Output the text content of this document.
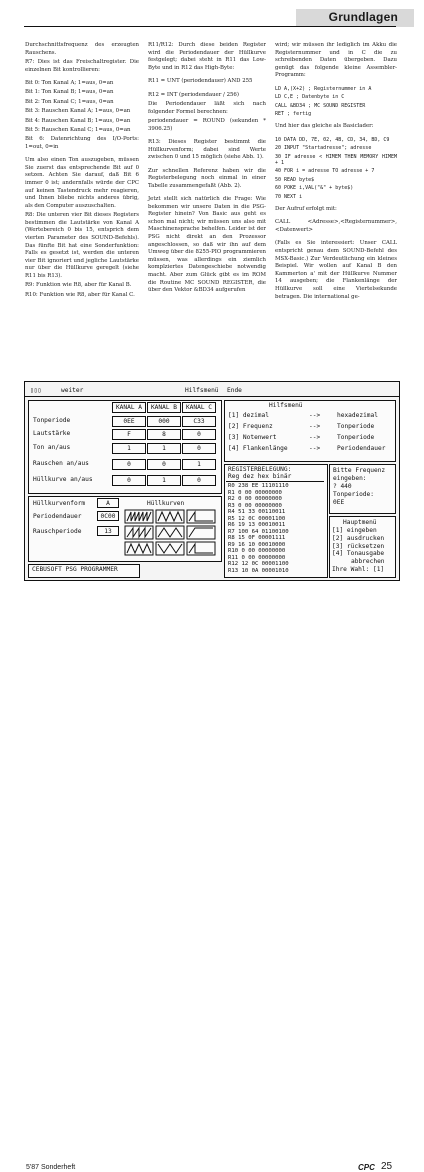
Grundlagen

Durchschnittsfrequenz des erzeugten Rauschens.

R7: Dies ist das Freischaltregister. Die einzelnen Bit kontrollieren:

Bit 0: Ton Kanal A; 1=aus, 0=an

Bit 1: Ton Kanal B; 1=aus, 0=an

Bit 2: Ton Kanal C; 1=aus, 0=an

Bit 3: Rauschen Kanal A; 1=aus, 0=an

Bit 4: Rauschen Kanal B; 1=aus, 0=an

Bit 5: Rauschen Kanal C; 1=aus, 0=an

Bit 6: Datenrichtung des I/O-Ports: 1=out, 0=in

Um also einen Ton auszugeben, müssen Sie zuerst das entsprechende Bit auf 0 setzen. Achten Sie darauf, daß Bit 6 immer 0 ist; andernfalls würde der CPC auf keinen Tastendruck mehr reagieren, und Ihnen bliebe nichts anderes übrig, als den Computer auszuschalten.

R8: Die unteren vier Bit dieses Registers bestimmen die Lautstärke von Kanal A (Wertebereich 0 bis 15, entsprich dem vierten Parameter des SOUND-Befehls). Das fünfte Bit hat eine Sonderfunktion: Falls es gesetzt ist, werden die unteren vier Bit ignoriert und jegliche Lautstärke nur über die Hüllkurve geregelt (siehe R11 bis R13).

R9: Funktion wie R8, aber für Kanal B.

R10: Funktion wie R8, aber für Kanal C.

R11/R12: Durch diese beiden Register wird die Periodendauer der Hüllkurve festgelegt; dabei steht in R11 das Low-Byte und in R12 das High-Byte:

R11 = UNT (periodendauer) AND 255

R12 = INT (periodendauer / 256)

Die Periodendauer läßt sich nach folgender Formel berechnen:

periodendauer = ROUND (sekunden * 3906.25)

R13: Dieses Register bestimmt die Hüllkurvenform; dabei sind Werte zwischen 0 und 15 möglich (siehe Abb. 1).

Zur schnellen Referenz haben wir die Registerbelegung noch einmal in einer Tabelle zusammengefaßt (Abb. 2).

Jetzt stellt sich natürlich die Frage: Wie bekommen wir unsere Daten in die PSG-Register hinein? Von Basic aus geht es schon mal nicht; wir müssen uns also mit Maschinensprache behelfen. Leider ist der PSG nicht direkt an den Prozessor angeschlossen, so daß wir ihn auf dem Umweg über die 8255-PIO programmieren müssen, was allerdings ein ziemlich komplziertes Datengeschiebe notwendig macht. Aber zum Glück gibt es im ROM die Routine MC SOUND REGISTER, die über den Vektor &BD34 aufgerufen

wird; wir müssen ihr lediglich im Akku die Registernummer und in C die zu schreibenden Daten übergeben. Dazu genügt das folgende kleine Assembler-Programm:

LD A,(X+2) ; Registernummer in A

LD C,E ; Datenbyte in C

CALL &BD34 ; MC SOUND REGISTER

RET ; fertig

Und hier das gleiche als Basiclader:

10 DATA DD, 7E, 02, 4B, CD, 34, BD, C9

20 INPUT "Startadresse"; adresse

30 IF adresse < HIMEM THEN MEMORY HIMEM + 1

40 FOR i = adresse TO adresse + 7

50 READ byte$

60 POKE i,VAL("&" + byte$)

70 NEXT i

Der Aufruf erfolgt mit:

CALL <Adresse>,<Registernummer>,<Datenwert>

(Falls es Sie interessiert: Unser CALL entspricht genau dem SOUND-Befehl des MSX-Basic.) Zur Verdeutlichung ein kleines Beispiel. Wir wollen auf Kanal B den Kammerton a' mit der Hüllkurve Nummer 14 ausgeben; die Flankenlänge der Hüllkurve soll eine Viertelsekunde betragen. Die international ge-

▯▯▯	weiter	Hilfsmenü Ende
KANAL A	KANAL B	KANAL C
Tonperiode	0EE	000	C33
Lautstärke	F	8	0
Ton an/aus	1	1	0
Rauschen an/aus	0	0	1
Hüllkurve an/aus	0	1	0
Hüllkurvenform	A
Periodendauer	0C00
Rauschperiode	13
Hüllkurven
CEBUSOFT PSG PROGRAMMER
Hilfsmenü
[1] dezimal	-->	hexadezimal
[2] Frequenz	-->	Tonperiode
[3] Notenwert	-->	Tonperiode
[4] Flankenlänge	-->	Periodendauer
REGISTERBELEGUNG:
Reg dez hex binär
R0 238 EE 11101110
R1 0 00 00000000
R2 0 00 00000000
R3 0 00 00000000
R4 51 33 00110011
R5 12 0C 00001100
R6 19 13 00010011
R7 100 64 01100100
R8 15 0F 00001111
R9 16 10 00010000
R10 0 00 00000000
R11 0 00 00000000
R12 12 0C 00001100
R13 10 0A 00001010
Bitte Frequenz
eingeben:
? 440
Tonperiode:
0EE
Hauptmenü
[1] eingeben
[2] ausdrucken
[3] rücksetzen
[4] Tonausgabe
abbrechen
Ihre Wahl: [1]
5'87 Sonderheft	CPC 25
